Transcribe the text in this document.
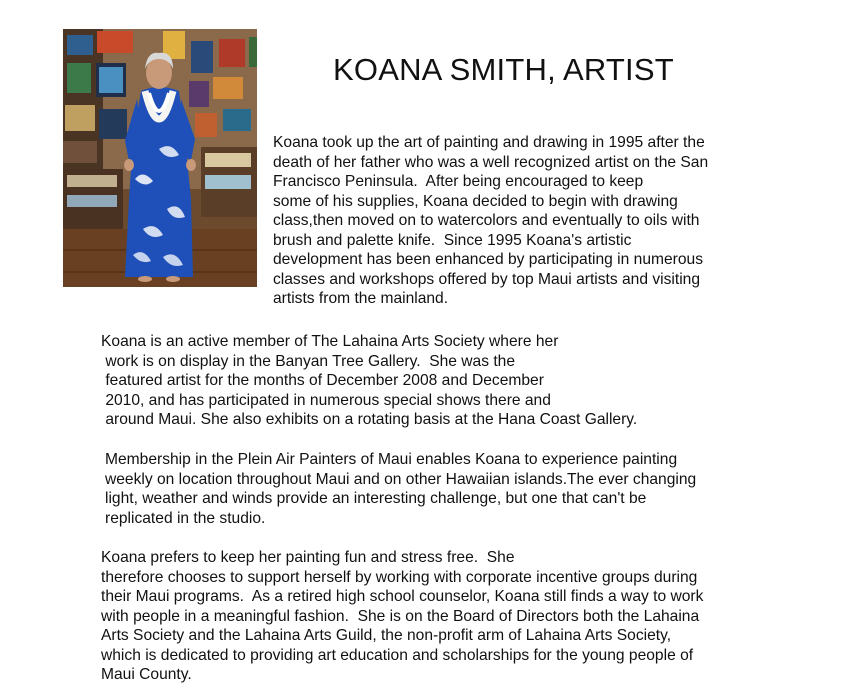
KOANA SMITH, ARTIST
Koana took up the art of painting and drawing in 1995 after the
death of her father who was a well recognized artist on the San
Francisco Peninsula.  After being encouraged to keep
some of his supplies, Koana decided to begin with drawing
class,then moved on to watercolors and eventually to oils with
brush and palette knife.  Since 1995 Koana's artistic
development has been enhanced by participating in numerous
classes and workshops offered by top Maui artists and visiting
artists from the mainland.
Koana is an active member of The Lahaina Arts Society where her
work is on display in the Banyan Tree Gallery.  She was the
featured artist for the months of December 2008 and December
2010, and has participated in numerous special shows there and
around Maui. She also exhibits on a rotating basis at the Hana Coast Gallery.
Membership in the Plein Air Painters of Maui enables Koana to experience painting
weekly on location throughout Maui and on other Hawaiian islands.The ever changing
light, weather and winds provide an interesting challenge, but one that can't be
replicated in the studio.
Koana prefers to keep her painting fun and stress free.  She
therefore chooses to support herself by working with corporate incentive groups during
their Maui programs.  As a retired high school counselor, Koana still finds a way to work
with people in a meaningful fashion.  She is on the Board of Directors both the Lahaina
Arts Society and the Lahaina Arts Guild, the non-profit arm of Lahaina Arts Society,
which is dedicated to providing art education and scholarships for the young people of
Maui County.
